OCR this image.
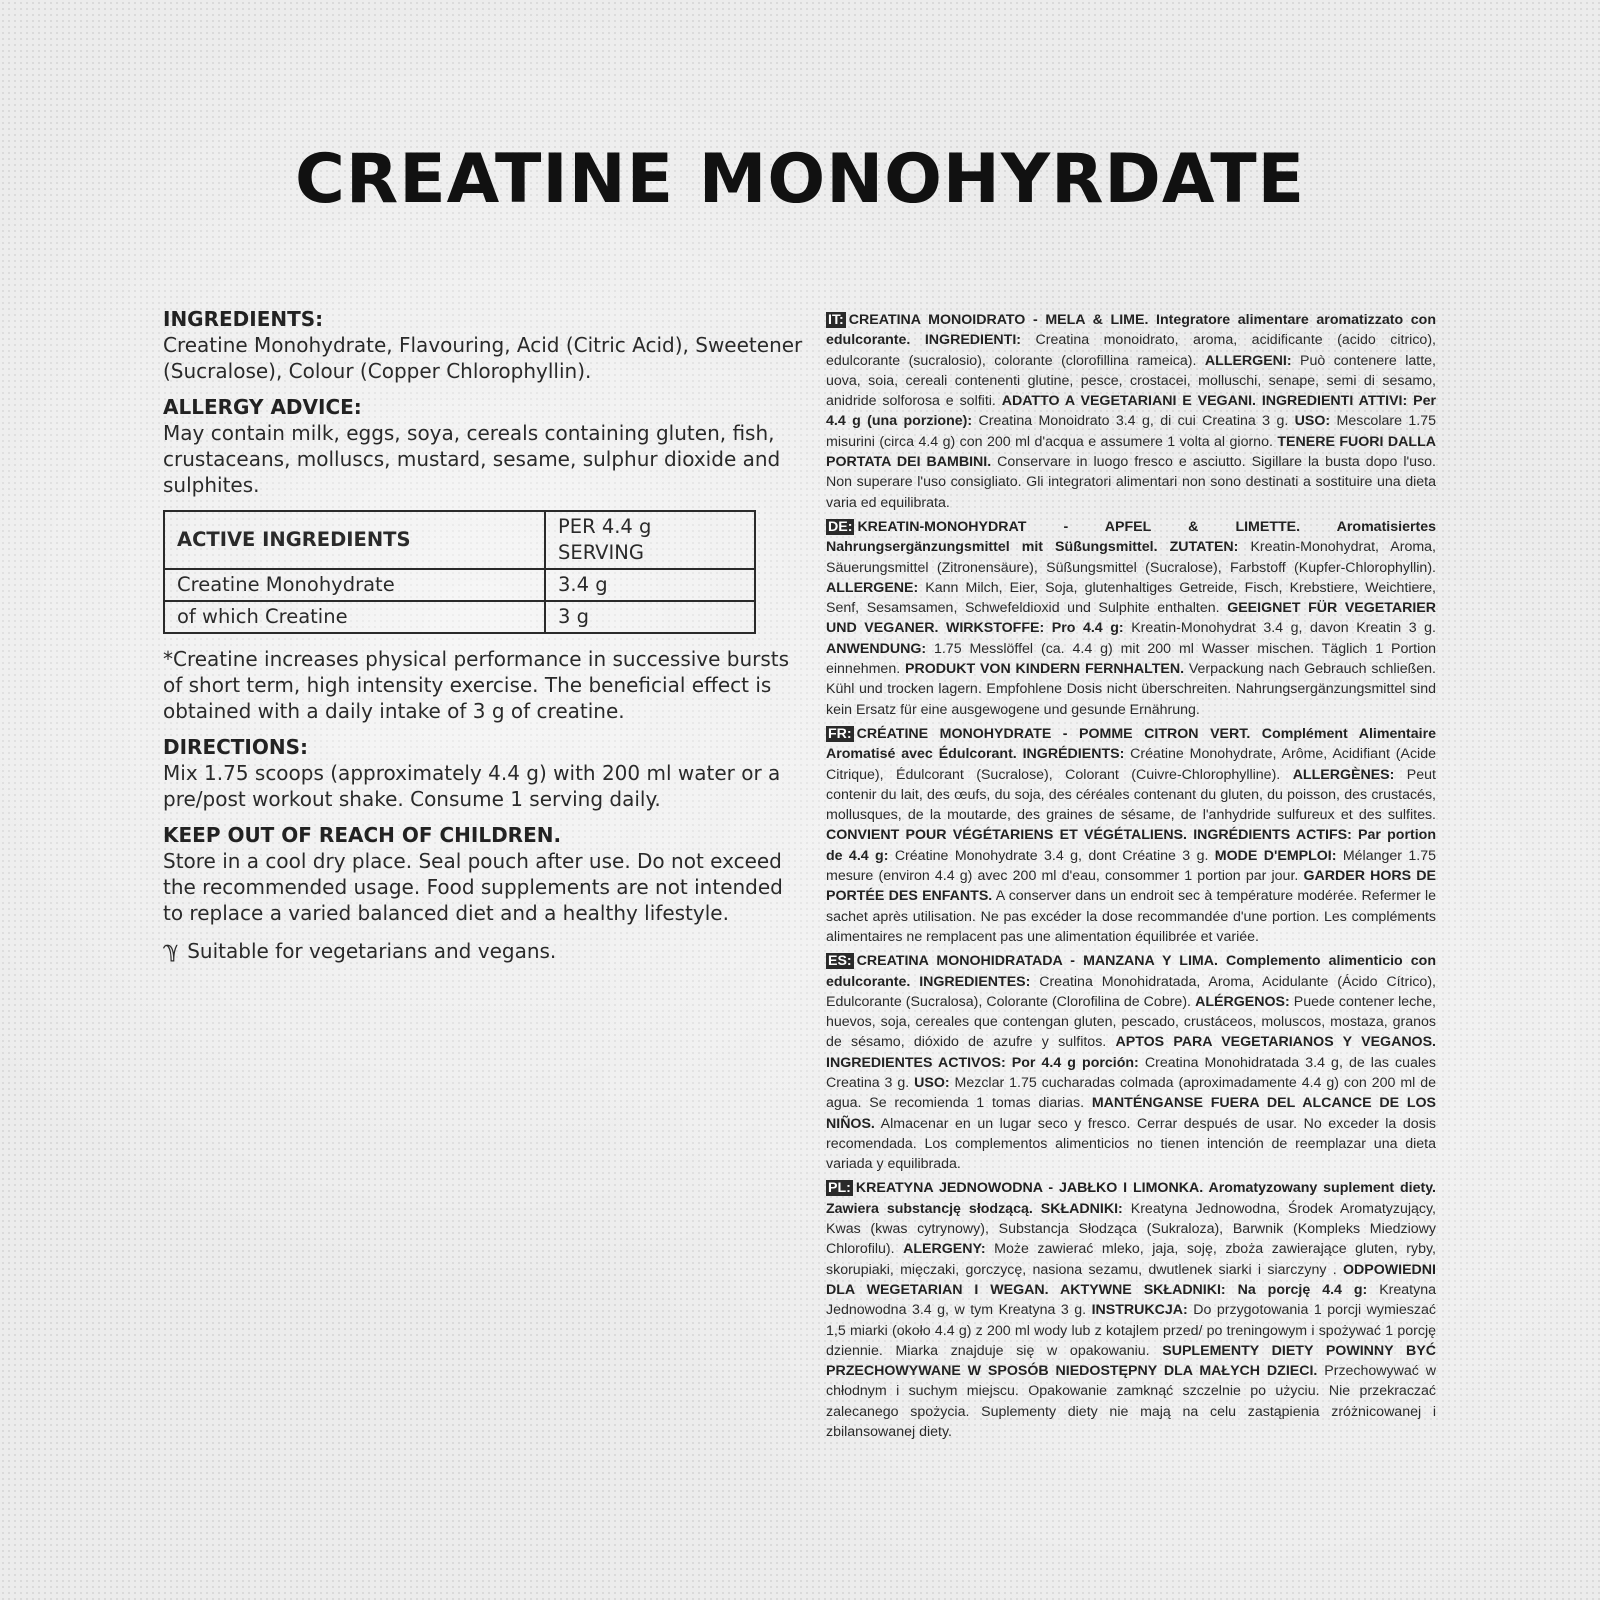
CREATINE MONOHYRDATE

INGREDIENTS:

Creatine Monohydrate, Flavouring, Acid (Citric Acid), Sweetener (Sucralose), Colour (Copper Chlorophyllin).

ALLERGY ADVICE:

May contain milk, eggs, soya, cereals containing gluten, fish, crustaceans, molluscs, mustard, sesame, sulphur dioxide and sulphites.

ACTIVE INGREDIENTS	PER 4.4 g SERVING
Creatine Monohydrate	3.4 g
of which Creatine	3 g

*Creatine increases physical performance in successive bursts of short term, high intensity exercise. The beneficial effect is obtained with a daily intake of 3 g of creatine.

DIRECTIONS:

Mix 1.75 scoops (approximately 4.4 g) with 200 ml water or a pre/post workout shake. Consume 1 serving daily.

KEEP OUT OF REACH OF CHILDREN.

Store in a cool dry place. Seal pouch after use. Do not exceed the recommended usage. Food supplements are not intended to replace a varied balanced diet and a healthy lifestyle.

ℽ Suitable for vegetarians and vegans.

IT: CREATINA MONOIDRATO - MELA & LIME. Integratore alimentare aromatizzato con edulcorante. INGREDIENTI: Creatina monoidrato, aroma, acidificante (acido citrico), edulcorante (sucralosio), colorante (clorofillina rameica). ALLERGENI: Può contenere latte, uova, soia, cereali contenenti glutine, pesce, crostacei, molluschi, senape, semi di sesamo, anidride solforosa e solfiti. ADATTO A VEGETARIANI E VEGANI. INGREDIENTI ATTIVI: Per 4.4 g (una porzione): Creatina Monoidrato 3.4 g, di cui Creatina 3 g. USO: Mescolare 1.75 misurini (circa 4.4 g) con 200 ml d'acqua e assumere 1 volta al giorno. TENERE FUORI DALLA PORTATA DEI BAMBINI. Conservare in luogo fresco e asciutto. Sigillare la busta dopo l'uso. Non superare l'uso consigliato. Gli integratori alimentari non sono destinati a sostituire una dieta varia ed equilibrata.

DE: KREATIN-MONOHYDRAT - APFEL & LIMETTE. Aromatisiertes Nahrungsergänzungsmittel mit Süßungsmittel. ZUTATEN: Kreatin-Monohydrat, Aroma, Säuerungsmittel (Zitronensäure), Süßungsmittel (Sucralose), Farbstoff (Kupfer-Chlorophyllin). ALLERGENE: Kann Milch, Eier, Soja, glutenhaltiges Getreide, Fisch, Krebstiere, Weichtiere, Senf, Sesamsamen, Schwefeldioxid und Sulphite enthalten. GEEIGNET FÜR VEGETARIER UND VEGANER. WIRKSTOFFE: Pro 4.4 g: Kreatin-Monohydrat 3.4 g, davon Kreatin 3 g. ANWENDUNG: 1.75 Messlöffel (ca. 4.4 g) mit 200 ml Wasser mischen. Täglich 1 Portion einnehmen. PRODUKT VON KINDERN FERNHALTEN. Verpackung nach Gebrauch schließen. Kühl und trocken lagern. Empfohlene Dosis nicht überschreiten. Nahrungsergänzungsmittel sind kein Ersatz für eine ausgewogene und gesunde Ernährung.

FR: CRÉATINE MONOHYDRATE - POMME CITRON VERT. Complément Alimentaire Aromatisé avec Édulcorant. INGRÉDIENTS: Créatine Monohydrate, Arôme, Acidifiant (Acide Citrique), Édulcorant (Sucralose), Colorant (Cuivre-Chlorophylline). ALLERGÈNES: Peut contenir du lait, des œufs, du soja, des céréales contenant du gluten, du poisson, des crustacés, mollusques, de la moutarde, des graines de sésame, de l'anhydride sulfureux et des sulfites. CONVIENT POUR VÉGÉTARIENS ET VÉGÉTALIENS. INGRÉDIENTS ACTIFS: Par portion de 4.4 g: Créatine Monohydrate 3.4 g, dont Créatine 3 g. MODE D'EMPLOI: Mélanger 1.75 mesure (environ 4.4 g) avec 200 ml d'eau, consommer 1 portion par jour. GARDER HORS DE PORTÉE DES ENFANTS. A conserver dans un endroit sec à température modérée. Refermer le sachet après utilisation. Ne pas excéder la dose recommandée d'une portion. Les compléments alimentaires ne remplacent pas une alimentation équilibrée et variée.

ES: CREATINA MONOHIDRATADA - MANZANA Y LIMA. Complemento alimenticio con edulcorante. INGREDIENTES: Creatina Monohidratada, Aroma, Acidulante (Ácido Cítrico), Edulcorante (Sucralosa), Colorante (Clorofilina de Cobre). ALÉRGENOS: Puede contener leche, huevos, soja, cereales que contengan gluten, pescado, crustáceos, moluscos, mostaza, granos de sésamo, dióxido de azufre y sulfitos. APTOS PARA VEGETARIANOS Y VEGANOS. INGREDIENTES ACTIVOS: Por 4.4 g porción: Creatina Monohidratada 3.4 g, de las cuales Creatina 3 g. USO: Mezclar 1.75 cucharadas colmada (aproximadamente 4.4 g) con 200 ml de agua. Se recomienda 1 tomas diarias. MANTÉNGANSE FUERA DEL ALCANCE DE LOS NIÑOS. Almacenar en un lugar seco y fresco. Cerrar después de usar. No exceder la dosis recomendada. Los complementos alimenticios no tienen intención de reemplazar una dieta variada y equilibrada.

PL: KREATYNA JEDNOWODNA - JABŁKO I LIMONKA. Aromatyzowany suplement diety. Zawiera substancję słodzącą. SKŁADNIKI: Kreatyna Jednowodna, Środek Aromatyzujący, Kwas (kwas cytrynowy), Substancja Słodząca (Sukraloza), Barwnik (Kompleks Miedziowy Chlorofilu). ALERGENY: Może zawierać mleko, jaja, soję, zboża zawierające gluten, ryby, skorupiaki, mięczaki, gorczycę, nasiona sezamu, dwutlenek siarki i siarczyny . ODPOWIEDNI DLA WEGETARIAN I WEGAN. AKTYWNE SKŁADNIKI: Na porcję 4.4 g: Kreatyna Jednowodna 3.4 g, w tym Kreatyna 3 g. INSTRUKCJA: Do przygotowania 1 porcji wymieszać 1,5 miarki (około 4.4 g) z 200 ml wody lub z kotajlem przed/ po treningowym i spożywać 1 porcję dziennie. Miarka znajduje się w opakowaniu. SUPLEMENTY DIETY POWINNY BYĆ PRZECHOWYWANE W SPOSÓB NIEDOSTĘPNY DLA MAŁYCH DZIECI. Przechowywać w chłodnym i suchym miejscu. Opakowanie zamknąć szczelnie po użyciu. Nie przekraczać zalecanego spożycia. Suplementy diety nie mają na celu zastąpienia zróżnicowanej i zbilansowanej diety.
